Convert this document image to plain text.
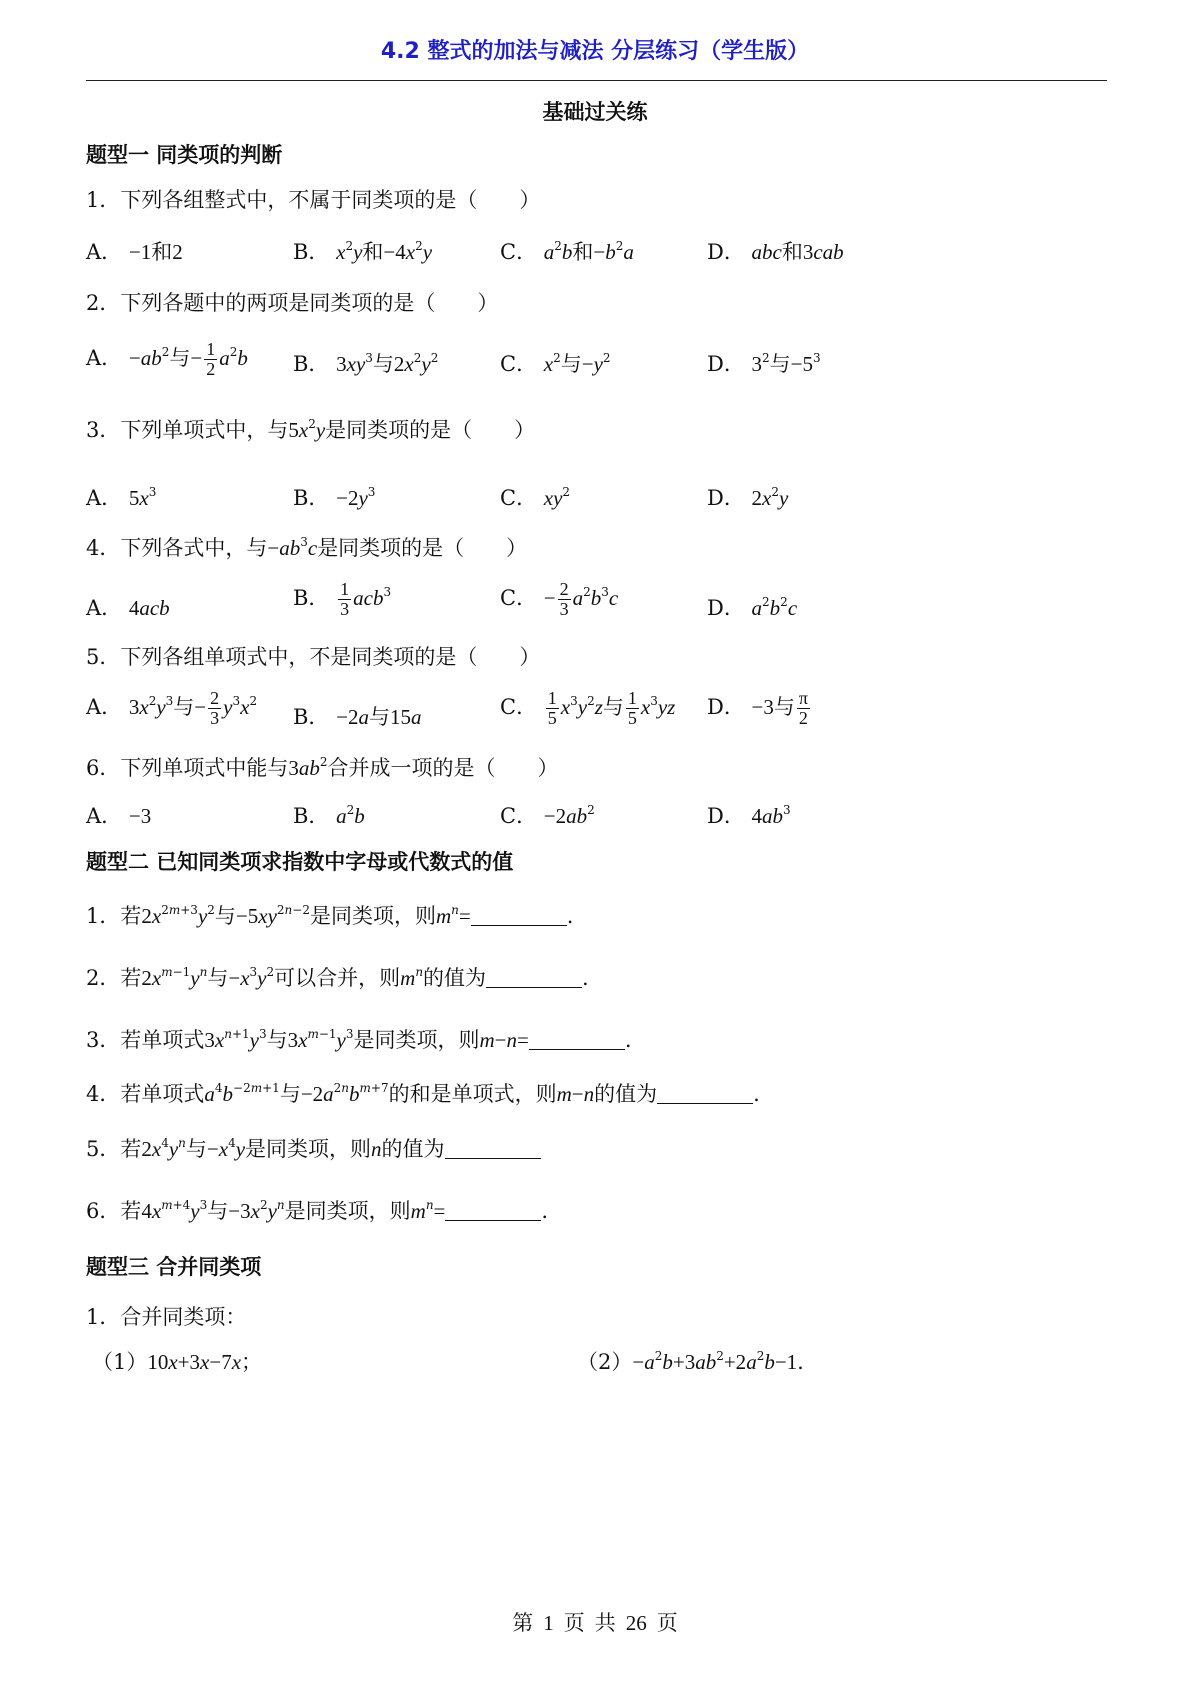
4.2 整式的加法与减法 分层练习（学生版）
基础过关练
题型一 同类项的判断
1．下列各组整式中，不属于同类项的是（　　）
A． −1和2	B． $x^2y$和$-4x^2y$	C． $a^2b$和$-b^2a$	D． abc和3cab
2．下列各题中的两项是同类项的是（　　）
A． $-ab^2$与− $\frac{1}{2} a^2b$ B． $3xy^3$与$2x^2y^2$	C． $x^2$与$-y^2$	D． $3^2$与$-5^3$
3．下列单项式中，与$5x^2y$是同类项的是（　　）
A． $5x^3$	B． $-2y^3$	C． $xy^2$	D． $2x^2y$
4．下列各式中，与$-ab^3c$是同类项的是（　　）
A． 4acb	B． $\frac{1}{3} acb^3$	C． − $\frac{2}{3} a^2b^3c$	D． $a^2b^2c$
5．下列各组单项式中，不是同类项的是（　　）
A． $3x^2y^3$与− $\frac{2}{3} y^3x^2$
B． −2a与15a	C． $\frac{1}{5} x^3y^2z$与 $\frac{1}{5} x^3yz$ D． −3与 $\frac{\pi}{2}$
6．下列单项式中能与$3ab^2$合并成一项的是（　　）
A． −3	B． $a^2b$	C． $-2ab^2$	D． $4ab^3$
题型二 已知同类项求指数中字母或代数式的值
1．若$2x^{2m+3}y^2$与$-5xy^{2n-2}$是同类项，则$m^n=$	.
2．若$2x^{m-1}y^n$与$-x^3y^2$可以合并，则$m^n$的值为	.
3．若单项式$3x^{n+1}y^3$与$3x^{m-1}y^3$是同类项，则m−n=	.
4．若单项式$a^4b^{-2m+1}$与$-2a^{2n}b^{m+7}$的和是单项式，则m−n的值为	.
5．若$2x^4y^n$与$-x^4y$是同类项，则n的值为
6．若$4x^{m+4}y^3$与$-3x^2y^n$是同类项，则$m^n=$	.
题型三 合并同类项
1．合并同类项：
（1）10x+3x−7x；	$(2)-a^2b+3ab^2+2a^2b-1$.
第 1 页 共 26 页
